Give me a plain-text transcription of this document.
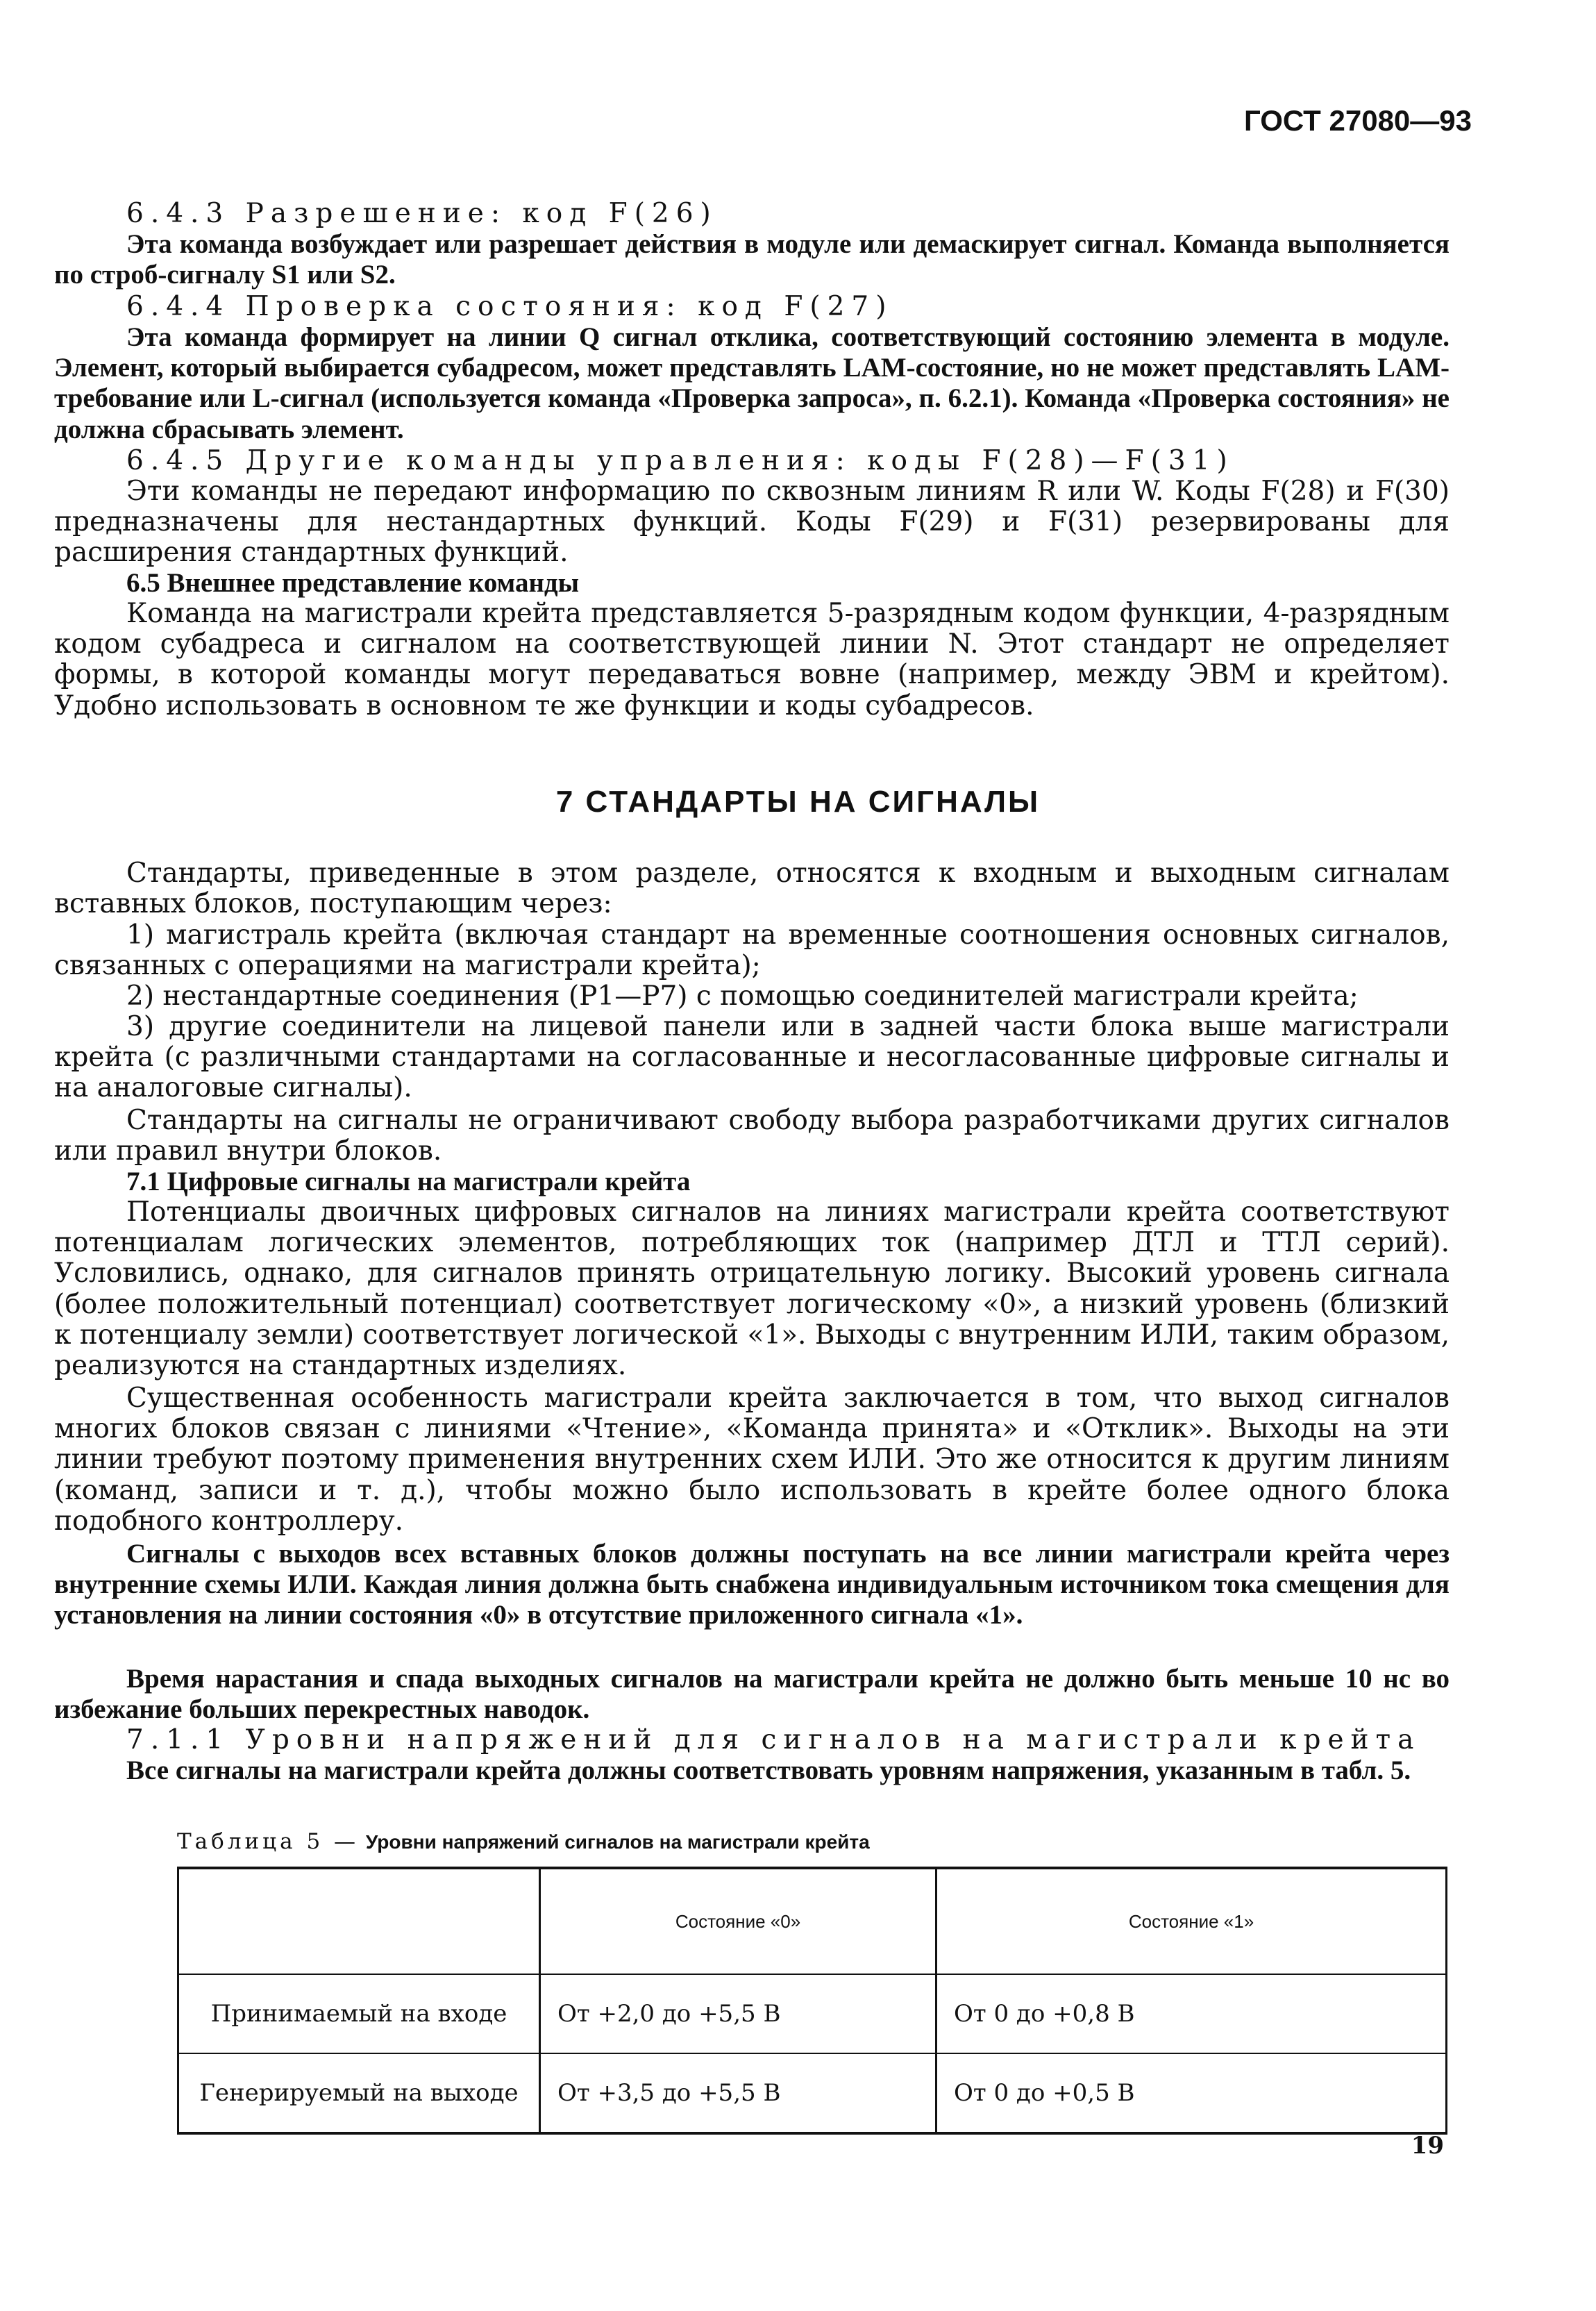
ГОСТ 27080—93
6.4.3 Разрешение: код F(26)
Эта команда возбуждает или разрешает действия в модуле или демаскирует сигнал. Команда выполняется по строб-сигналу S1 или S2.
6.4.4 Проверка состояния: код F(27)
Эта команда формирует на линии Q сигнал отклика, соответствующий состоянию элемента в модуле. Элемент, который выбирается субадресом, может представлять LAM-состояние, но не может представлять LAM-требование или L-сигнал (используется команда «Проверка запроса», п. 6.2.1). Команда «Проверка состояния» не должна сбрасывать элемент.
6.4.5 Другие команды управления: коды F(28)—F(31)
Эти команды не передают информацию по сквозным линиям R или W. Коды F(28) и F(30) предназначены для нестандартных функций. Коды F(29) и F(31) резервированы для расширения стандартных функций.
6.5 Внешнее представление команды
Команда на магистрали крейта представляется 5-разрядным кодом функции, 4-разрядным кодом субадреса и сигналом на соответствующей линии N. Этот стандарт не определяет формы, в которой команды могут передаваться вовне (например, между ЭВМ и крейтом). Удобно использовать в основном те же функции и коды субадресов.
7 СТАНДАРТЫ НА СИГНАЛЫ
Стандарты, приведенные в этом разделе, относятся к входным и выходным сигналам вставных блоков, поступающим через:
1) магистраль крейта (включая стандарт на временные соотношения основных сигналов, связанных с операциями на магистрали крейта);
2) нестандартные соединения (Р1—Р7) с помощью соединителей магистрали крейта;
3) другие соединители на лицевой панели или в задней части блока выше магистрали крейта (с различными стандартами на согласованные и несогласованные цифровые сигналы и на аналоговые сигналы).
Стандарты на сигналы не ограничивают свободу выбора разработчиками других сигналов или правил внутри блоков.
7.1 Цифровые сигналы на магистрали крейта
Потенциалы двоичных цифровых сигналов на линиях магистрали крейта соответствуют потенциалам логических элементов, потребляющих ток (например ДТЛ и ТТЛ серий). Условились, однако, для сигналов принять отрицательную логику. Высокий уровень сигнала (более положительный потенциал) соответствует логическому «0», а низкий уровень (близкий к потенциалу земли) соответствует логической «1». Выходы с внутренним ИЛИ, таким образом, реализуются на стандартных изделиях.
Существенная особенность магистрали крейта заключается в том, что выход сигналов многих блоков связан с линиями «Чтение», «Команда принята» и «Отклик». Выходы на эти линии требуют поэтому применения внутренних схем ИЛИ. Это же относится к другим линиям (команд, записи и т. д.), чтобы можно было использовать в крейте более одного блока подобного контроллеру.
Сигналы с выходов всех вставных блоков должны поступать на все линии магистрали крейта через внутренние схемы ИЛИ. Каждая линия должна быть снабжена индивидуальным источником тока смещения для установления на линии состояния «0» в отсутствие приложенного сигнала «1».
Время нарастания и спада выходных сигналов на магистрали крейта не должно быть меньше 10 нс во избежание больших перекрестных наводок.
7.1.1 Уровни напряжений для сигналов на магистрали крейта
Все сигналы на магистрали крейта должны соответствовать уровням напряжения, указанным в табл. 5.
Таблица 5 — Уровни напряжений сигналов на магистрали крейта
	Состояние «0»	Состояние «1»
Принимаемый на входе	От +2,0 до +5,5 В	От 0 до +0,8 В
Генерируемый на выходе	От +3,5 до +5,5 В	От 0 до +0,5 В
19
